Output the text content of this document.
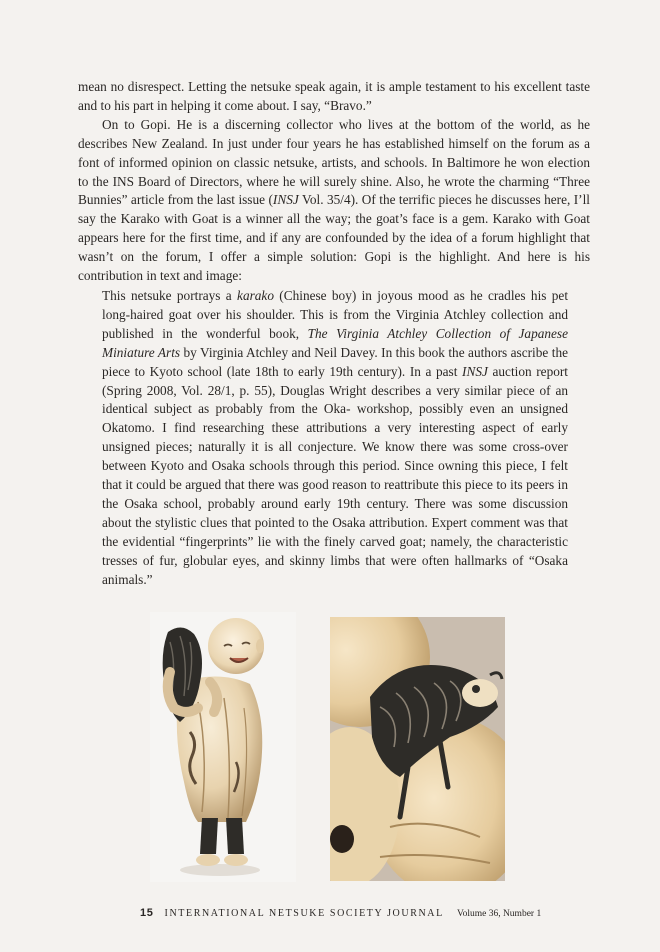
mean no disrespect. Letting the netsuke speak again, it is ample testament to his excellent taste and to his part in helping it come about. I say, “Bravo.”

On to Gopi. He is a discerning collector who lives at the bottom of the world, as he describes New Zealand. In just under four years he has established himself on the forum as a font of informed opinion on classic netsuke, artists, and schools. In Baltimore he won election to the INS Board of Directors, where he will surely shine. Also, he wrote the charming “Three Bunnies” article from the last issue (INSJ Vol. 35/4). Of the terrific pieces he discusses here, I’ll say the Karako with Goat is a winner all the way; the goat’s face is a gem. Karako with Goat appears here for the first time, and if any are confounded by the idea of a forum highlight that wasn’t on the forum, I offer a simple solution: Gopi is the highlight. And here is his contribution in text and image:

This netsuke portrays a karako (Chinese boy) in joyous mood as he cradles his pet long-haired goat over his shoulder. This is from the Virginia Atchley collection and published in the wonderful book, The Virginia Atchley Collection of Japanese Miniature Arts by Virginia Atchley and Neil Davey. In this book the authors ascribe the piece to Kyoto school (late 18th to early 19th century). In a past INSJ auction report (Spring 2008, Vol. 28/1, p. 55), Douglas Wright describes a very similar piece of an identical subject as probably from the Oka- workshop, possibly even an unsigned Okatomo. I find researching these attributions a very interesting aspect of early unsigned pieces; naturally it is all conjecture. We know there was some cross-over between Kyoto and Osaka schools through this period. Since owning this piece, I felt that it could be argued that there was good reason to reattribute this piece to its peers in the Osaka school, probably around early 19th century. There was some discussion about the stylistic clues that pointed to the Osaka attribution. Expert comment was that the evidential “fingerprints” lie with the finely carved goat; namely, the characteristic tresses of fur, globular eyes, and skinny limbs that were often hallmarks of “Osaka animals.”

15 INTERNATIONAL NETSUKE SOCIETY JOURNAL Volume 36, Number 1
